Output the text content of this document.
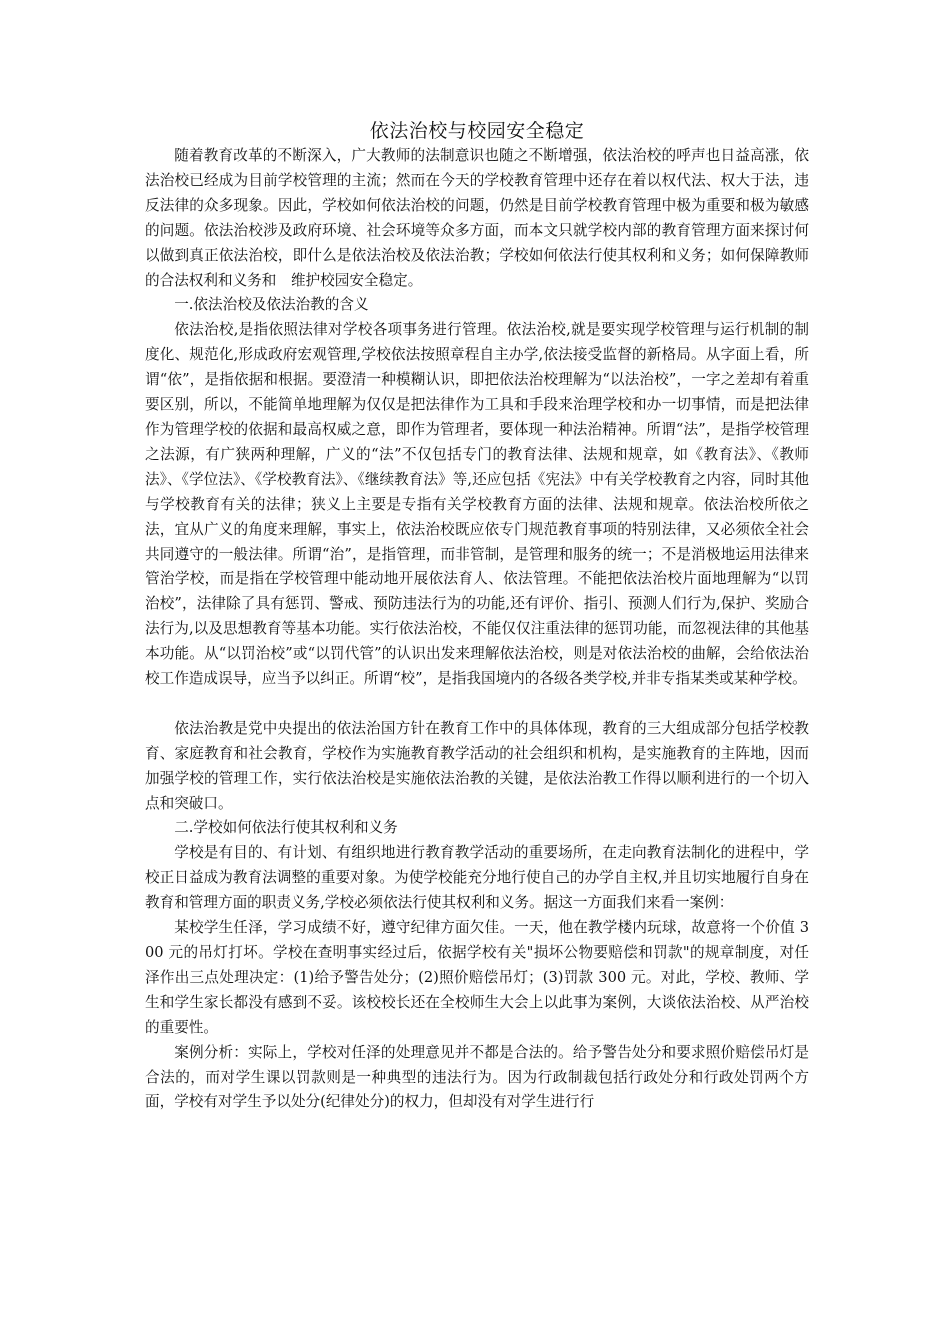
依法治校与校园安全稳定

随着教育改革的不断深入，广大教师的法制意识也随之不断增强，依法治校的呼声也日益高涨，依法治校已经成为目前学校管理的主流；然而在今天的学校教育管理中还存在着以权代法、权大于法，违反法律的众多现象。因此，学校如何依法治校的问题，仍然是目前学校教育管理中极为重要和极为敏感的问题。依法治校涉及政府环境、社会环境等众多方面，而本文只就学校内部的教育管理方面来探讨何以做到真正依法治校，即什么是依法治校及依法治教；学校如何依法行使其权利和义务；如何保障教师的合法权利和义务和　维护校园安全稳定。

一.依法治校及依法治教的含义

依法治校,是指依照法律对学校各项事务进行管理。依法治校,就是要实现学校管理与运行机制的制度化、规范化,形成政府宏观管理,学校依法按照章程自主办学,依法接受监督的新格局。从字面上看，所谓“依”，是指依据和根据。要澄清一种模糊认识，即把依法治校理解为“以法治校”，一字之差却有着重要区别，所以，不能简单地理解为仅仅是把法律作为工具和手段来治理学校和办一切事情，而是把法律作为管理学校的依据和最高权威之意，即作为管理者，要体现一种法治精神。所谓“法”，是指学校管理之法源，有广狭两种理解，广义的“法”不仅包括专门的教育法律、法规和规章，如《教育法》、《教师法》、《学位法》、《学校教育法》、《继续教育法》等,还应包括《宪法》中有关学校教育之内容，同时其他与学校教育有关的法律；狭义上主要是专指有关学校教育方面的法律、法规和规章。依法治校所依之法，宜从广义的角度来理解，事实上，依法治校既应依专门规范教育事项的特别法律，又必须依全社会共同遵守的一般法律。所谓“治”，是指管理，而非管制，是管理和服务的统一；不是消极地运用法律来管治学校，而是指在学校管理中能动地开展依法育人、依法管理。不能把依法治校片面地理解为“以罚治校”，法律除了具有惩罚、警戒、预防违法行为的功能,还有评价、指引、预测人们行为,保护、奖励合法行为,以及思想教育等基本功能。实行依法治校，不能仅仅注重法律的惩罚功能，而忽视法律的其他基本功能。从“以罚治校”或“以罚代管”的认识出发来理解依法治校，则是对依法治校的曲解，会给依法治校工作造成误导，应当予以纠正。所谓“校”，是指我国境内的各级各类学校,并非专指某类或某种学校。

依法治教是党中央提出的依法治国方针在教育工作中的具体体现，教育的三大组成部分包括学校教育、家庭教育和社会教育，学校作为实施教育教学活动的社会组织和机构，是实施教育的主阵地，因而加强学校的管理工作，实行依法治校是实施依法治教的关键，是依法治教工作得以顺利进行的一个切入点和突破口。

二.学校如何依法行使其权利和义务

学校是有目的、有计划、有组织地进行教育教学活动的重要场所，在走向教育法制化的进程中，学校正日益成为教育法调整的重要对象。为使学校能充分地行使自己的办学自主权,并且切实地履行自身在教育和管理方面的职责义务,学校必须依法行使其权利和义务。据这一方面我们来看一案例：

某校学生任泽，学习成绩不好，遵守纪律方面欠佳。一天，他在教学楼内玩球，故意将一个价值 300 元的吊灯打坏。学校在查明事实经过后，依据学校有关"损坏公物要赔偿和罚款"的规章制度，对任泽作出三点处理决定：(1)给予警告处分；(2)照价赔偿吊灯；(3)罚款 300 元。对此，学校、教师、学生和学生家长都没有感到不妥。该校校长还在全校师生大会上以此事为案例，大谈依法治校、从严治校的重要性。

案例分析：实际上，学校对任泽的处理意见并不都是合法的。给予警告处分和要求照价赔偿吊灯是合法的，而对学生课以罚款则是一种典型的违法行为。因为行政制裁包括行政处分和行政处罚两个方面，学校有对学生予以处分(纪律处分)的权力，但却没有对学生进行行
